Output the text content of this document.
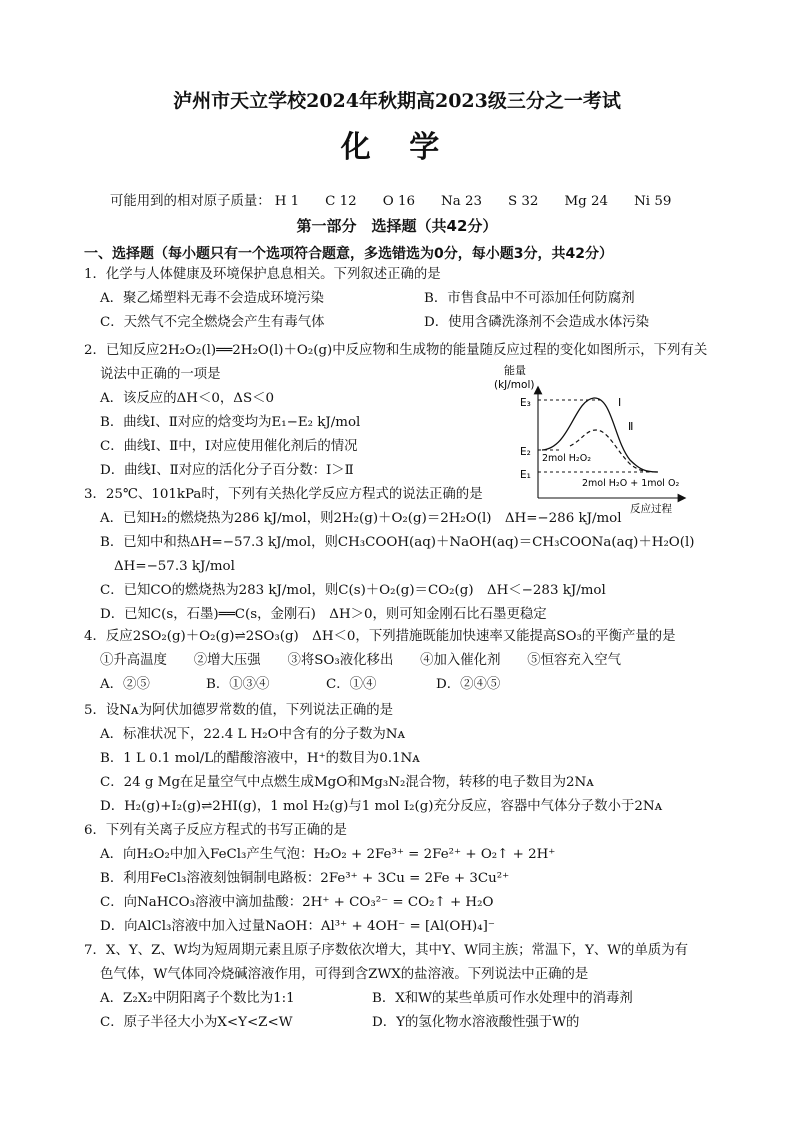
泸州市天立学校2024年秋期高2023级三分之一考试
化 学
可能用到的相对原子质量： H 1 C 12 O 16 Na 23 S 32 Mg 24 Ni 59
第一部分　选择题（共42分）
一、选择题（每小题只有一个选项符合题意，多选错选为0分，每小题3分，共42分）
1．化学与人体健康及环境保护息息相关。下列叙述正确的是
A．聚乙烯塑料无毒不会造成环境污染	B．市售食品中不可添加任何防腐剂
C．天然气不完全燃烧会产生有毒气体	D．使用含磷洗涤剂不会造成水体污染
2．已知反应2H₂O₂(l)══2H₂O(l)＋O₂(g)中反应物和生成物的能量随反应过程的变化如图所示，下列有关
说法中正确的一项是
A．该反应的ΔH＜0，ΔS＜0
B．曲线Ⅰ、Ⅱ对应的焓变均为E₁−E₂ kJ/mol
C．曲线Ⅰ、Ⅱ中，Ⅰ对应使用催化剂后的情况
D．曲线Ⅰ、Ⅱ对应的活化分子百分数：Ⅰ＞Ⅱ
能量
(kJ/mol)
反应过程
E₃
E₂
E₁
Ⅰ
Ⅱ
2mol H₂O₂
2mol H₂O + 1mol O₂
3．25℃、101kPa时，下列有关热化学反应方程式的说法正确的是
A．已知H₂的燃烧热为286 kJ/mol，则2H₂(g)＋O₂(g)＝2H₂O(l)　ΔH=−286 kJ/mol
B．已知中和热ΔH=−57.3 kJ/mol，则CH₃COOH(aq)＋NaOH(aq)＝CH₃COONa(aq)＋H₂O(l)
ΔH=−57.3 kJ/mol
C．已知CO的燃烧热为283 kJ/mol，则C(s)＋O₂(g)＝CO₂(g)　ΔH＜−283 kJ/mol
D．已知C(s，石墨)══C(s，金刚石)　ΔH＞0，则可知金刚石比石墨更稳定
4．反应2SO₂(g)＋O₂(g)⇌2SO₃(g)　ΔH＜0，下列措施既能加快速率又能提高SO₃的平衡产量的是
①升高温度　　②增大压强　　③将SO₃液化移出　　④加入催化剂　　⑤恒容充入空气
A．②⑤	B．①③④	C．①④	D．②④⑤
5．设Nᴀ为阿伏加德罗常数的值，下列说法正确的是
A．标准状况下，22.4 L H₂O中含有的分子数为Nᴀ
B．1 L 0.1 mol/L的醋酸溶液中，H⁺的数目为0.1Nᴀ
C．24 g Mg在足量空气中点燃生成MgO和Mg₃N₂混合物，转移的电子数目为2Nᴀ
D．H₂(g)+I₂(g)⇌2HI(g)，1 mol H₂(g)与1 mol I₂(g)充分反应，容器中气体分子数小于2Nᴀ
6．下列有关离子反应方程式的书写正确的是
A．向H₂O₂中加入FeCl₃产生气泡：H₂O₂ + 2Fe³⁺ = 2Fe²⁺ + O₂↑ + 2H⁺
B．利用FeCl₃溶液刻蚀铜制电路板：2Fe³⁺ + 3Cu = 2Fe + 3Cu²⁺
C．向NaHCO₃溶液中滴加盐酸：2H⁺ + CO₃²⁻ = CO₂↑ + H₂O
D．向AlCl₃溶液中加入过量NaOH：Al³⁺ + 4OH⁻ = [Al(OH)₄]⁻
7．X、Y、Z、W均为短周期元素且原子序数依次增大，其中Y、W同主族；常温下，Y、W的单质为有
色气体，W气体同冷烧碱溶液作用，可得到含ZWX的盐溶液。下列说法中正确的是
A．Z₂X₂中阴阳离子个数比为1:1	B．X和W的某些单质可作水处理中的消毒剂
C．原子半径大小为X<Y<Z<W	D．Y的氢化物水溶液酸性强于W的
